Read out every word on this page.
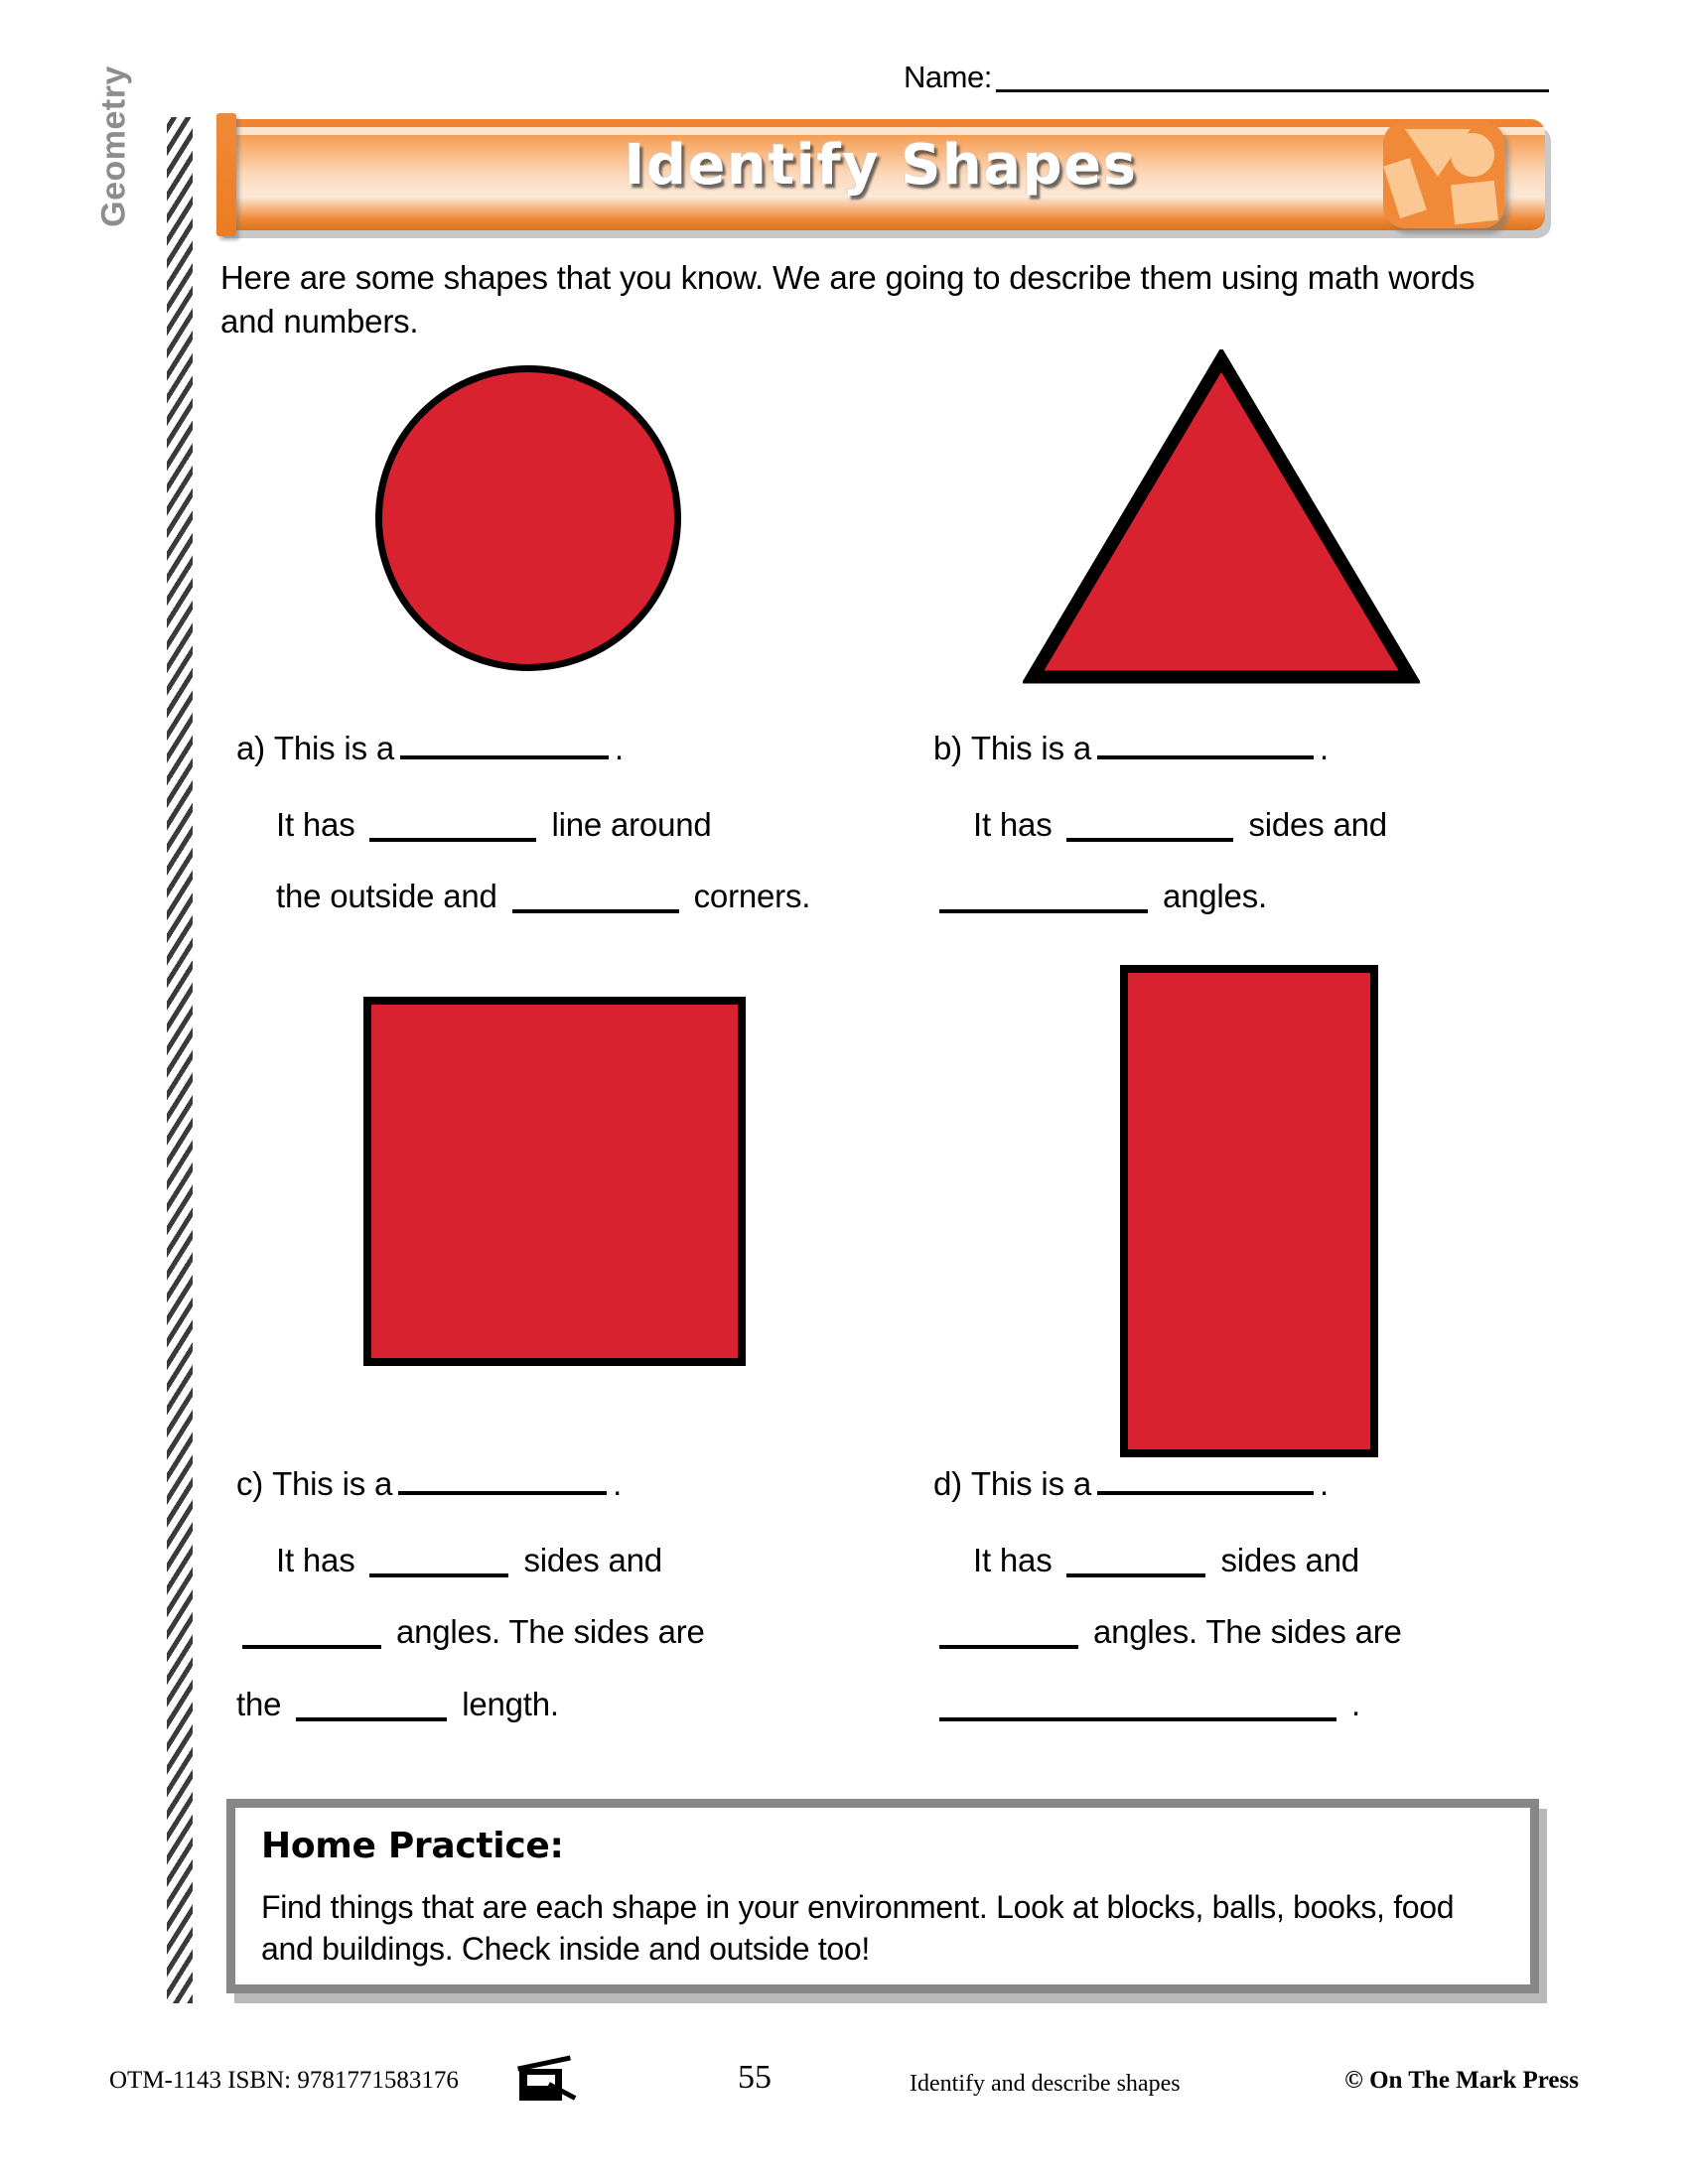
Name:
Geometry	Identify Shapes
Here are some shapes that you know. We are going to describe them using math words and numbers.
a)
This is a	.
It has	line around
the outside and	corners.
b)
This is a	.
It has	sides and
angles.
c)
This is a	.
It has	sides and
angles. The sides are
the	length.
d)
This is a	.
It has	sides and
angles. The sides are
.
Home Practice:
Find things that are each shape in your environment. Look at blocks, balls, books, food and buildings. Check inside and outside too!
OTM-1143 ISBN: 9781771583176	55	Identify and describe shapes	© On The Mark Press
